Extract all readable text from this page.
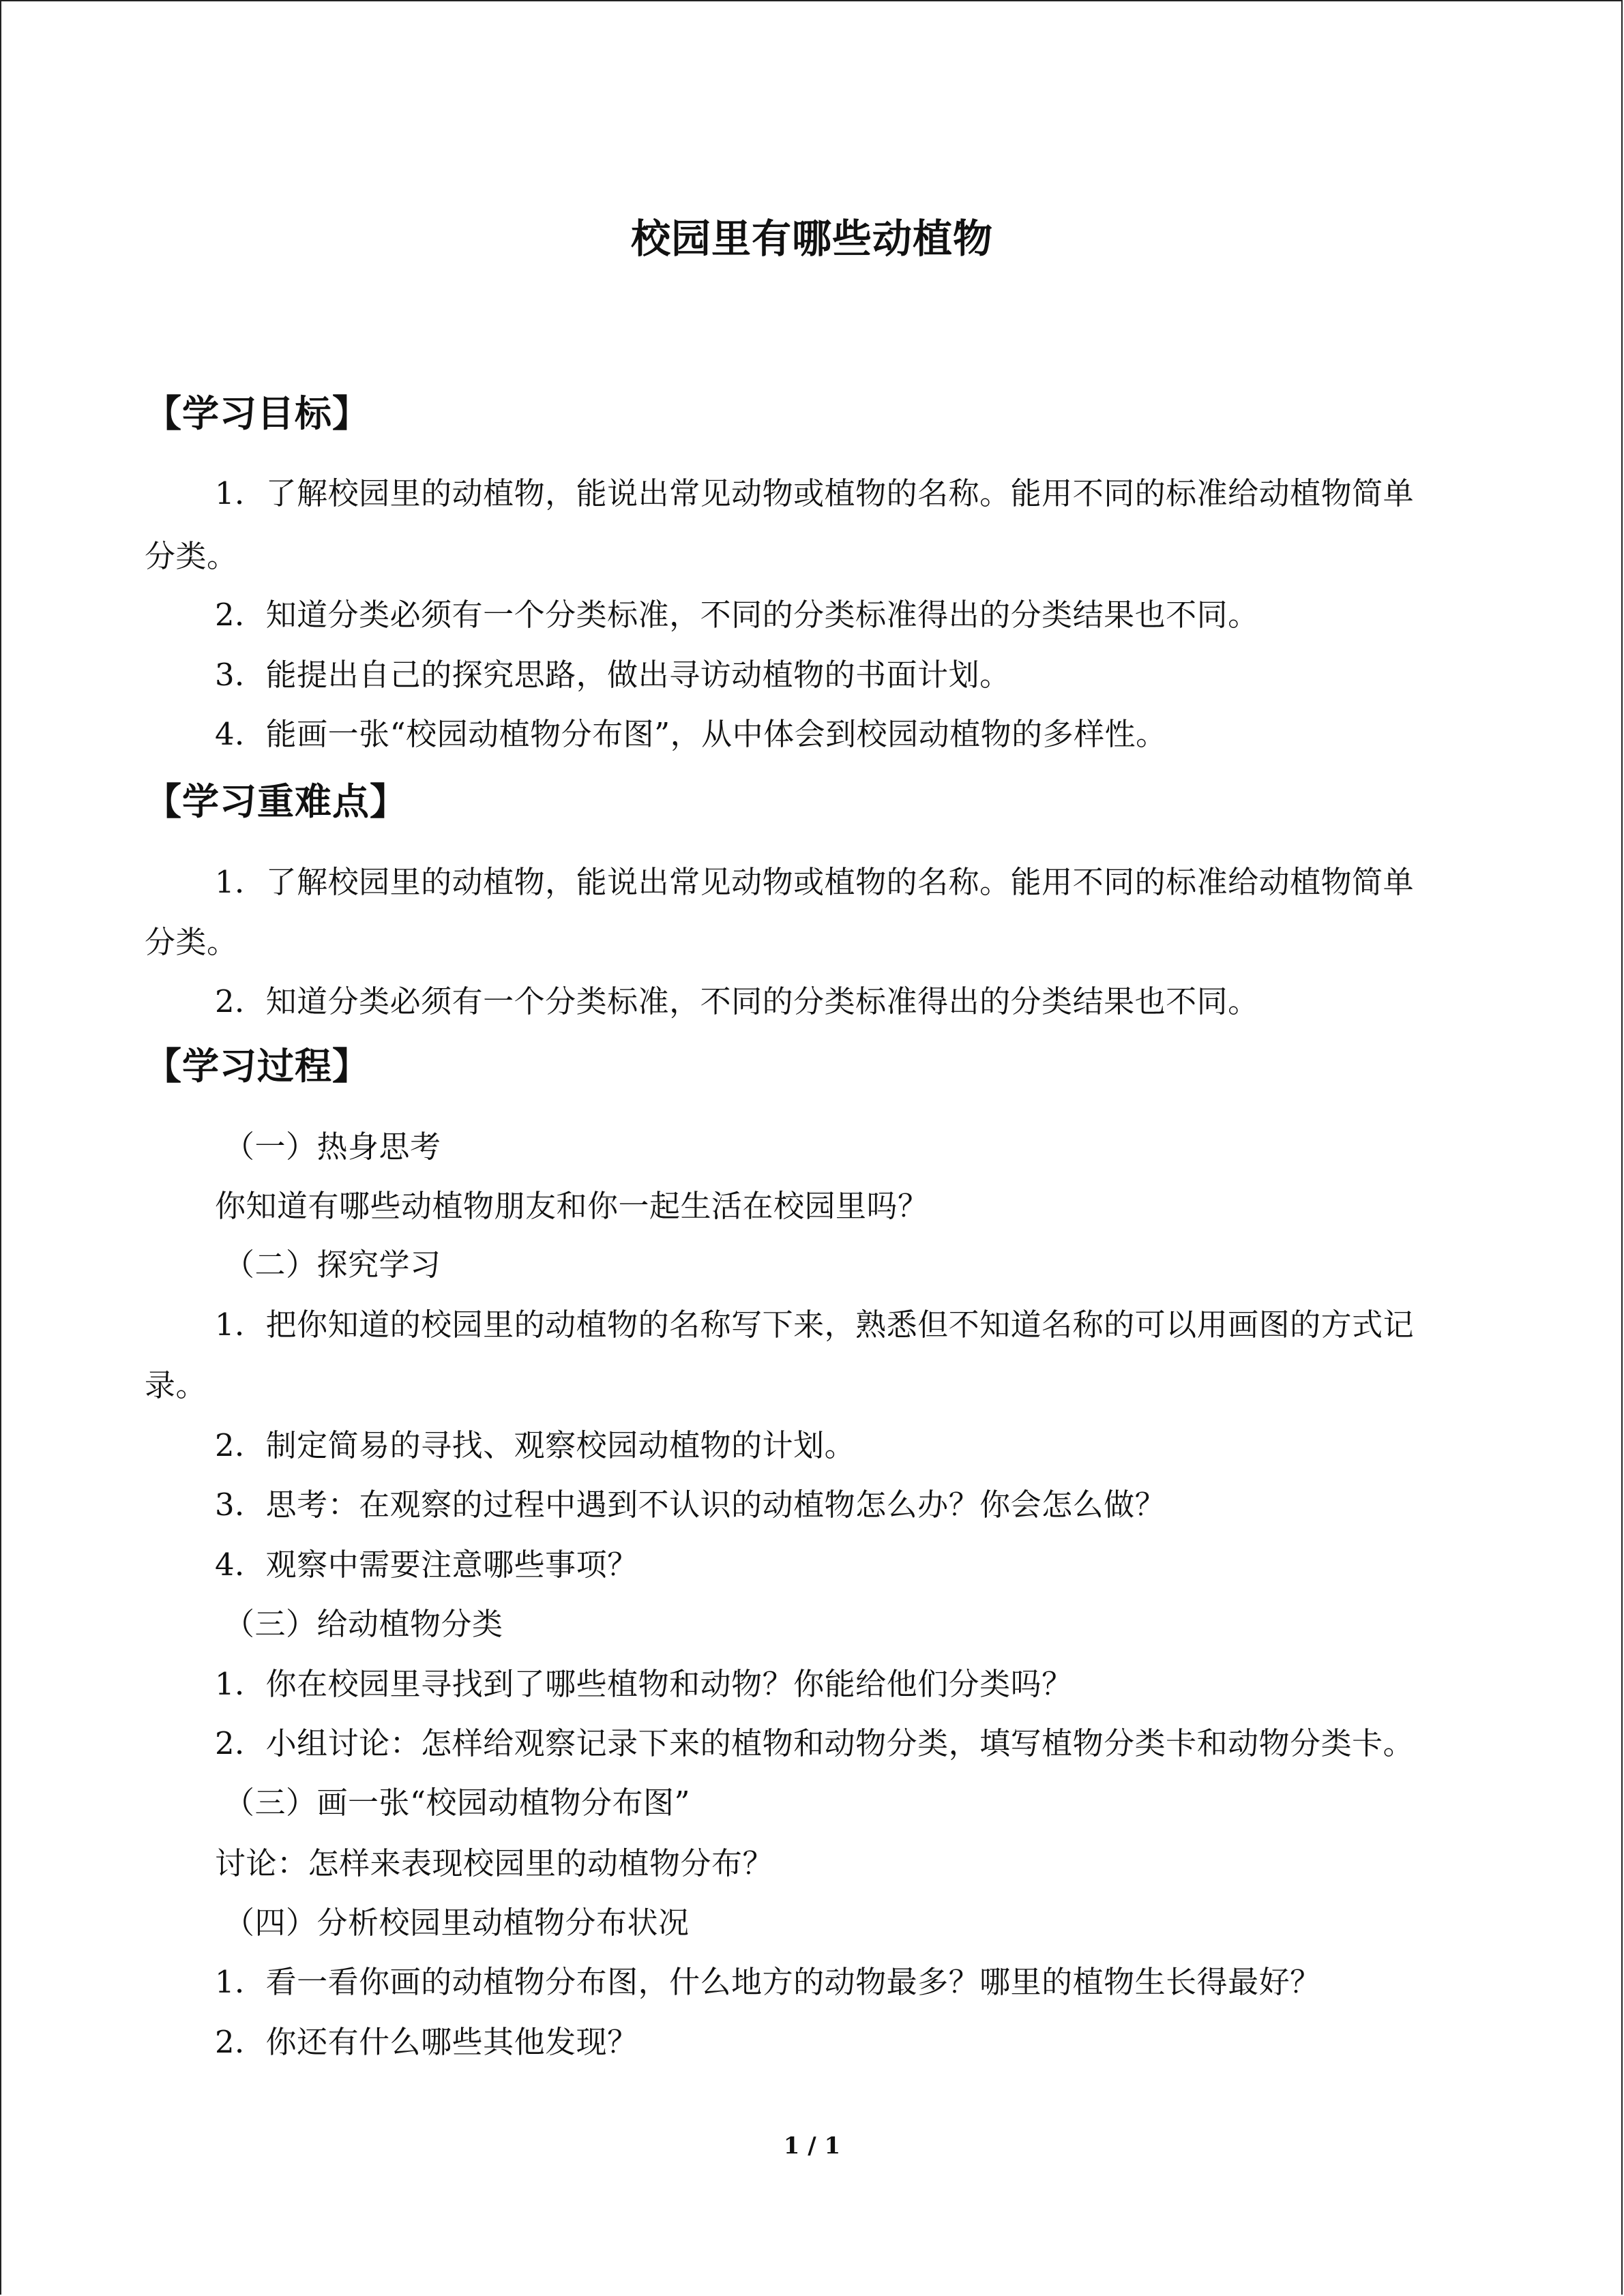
校园里有哪些动植物
【学习目标】
1．了解校园里的动植物，能说出常见动物或植物的名称。能用不同的标准给动植物简单
分类。
2．知道分类必须有一个分类标准，不同的分类标准得出的分类结果也不同。
3．能提出自己的探究思路，做出寻访动植物的书面计划。
4．能画一张“校园动植物分布图”，从中体会到校园动植物的多样性。
【学习重难点】
1．了解校园里的动植物，能说出常见动物或植物的名称。能用不同的标准给动植物简单
分类。
2．知道分类必须有一个分类标准，不同的分类标准得出的分类结果也不同。
【学习过程】
（一）热身思考
你知道有哪些动植物朋友和你一起生活在校园里吗？
（二）探究学习
1．把你知道的校园里的动植物的名称写下来，熟悉但不知道名称的可以用画图的方式记
录。
2．制定简易的寻找、观察校园动植物的计划。
3．思考：在观察的过程中遇到不认识的动植物怎么办？你会怎么做？
4．观察中需要注意哪些事项？
（三）给动植物分类
1．你在校园里寻找到了哪些植物和动物？你能给他们分类吗？
2．小组讨论：怎样给观察记录下来的植物和动物分类，填写植物分类卡和动物分类卡。
（三）画一张“校园动植物分布图”
讨论：怎样来表现校园里的动植物分布？
（四）分析校园里动植物分布状况
1．看一看你画的动植物分布图，什么地方的动物最多？哪里的植物生长得最好？
2．你还有什么哪些其他发现？
1 / 1
